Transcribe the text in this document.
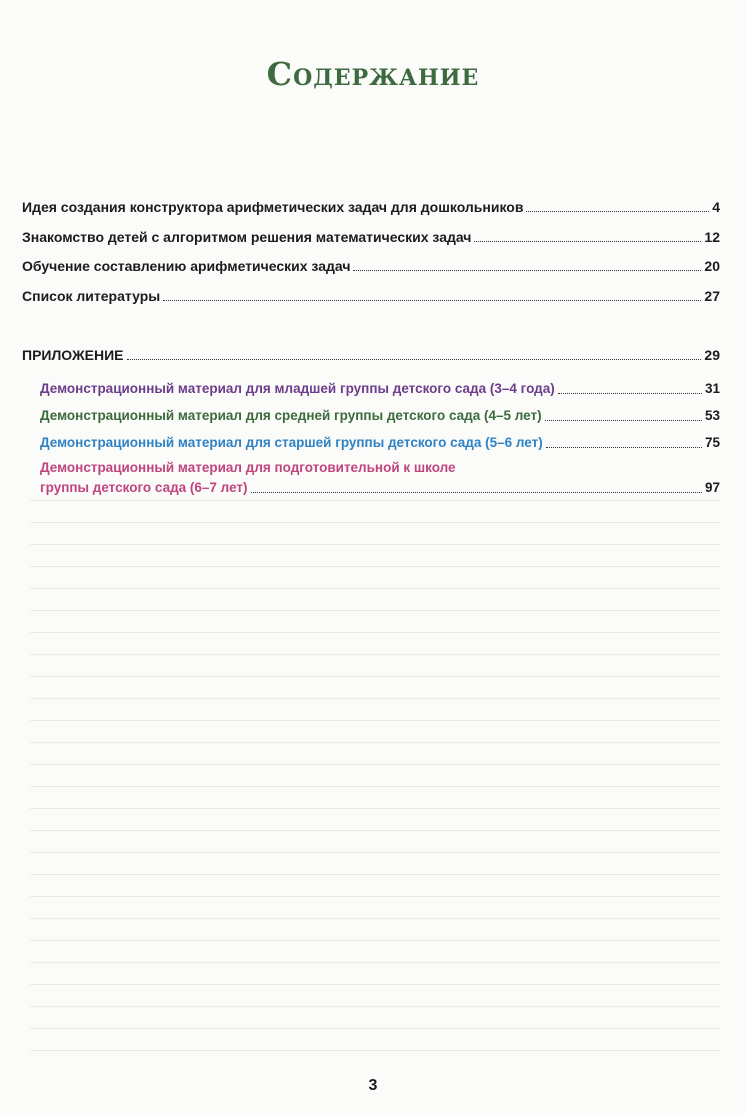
Содержание
Идея создания конструктора арифметических задач для дошкольников	4
Знакомство детей с алгоритмом решения математических задач	12
Обучение составлению арифметических задач	20
Список литературы	27
ПРИЛОЖЕНИЕ	29
Демонстрационный материал для младшей группы детского сада (3–4 года)	31
Демонстрационный материал для средней группы детского сада (4–5 лет)	53
Демонстрационный материал для старшей группы детского сада (5–6 лет)	75
Демонстрационный материал для подготовительной к школе
группы детского сада (6–7 лет)	97
3
